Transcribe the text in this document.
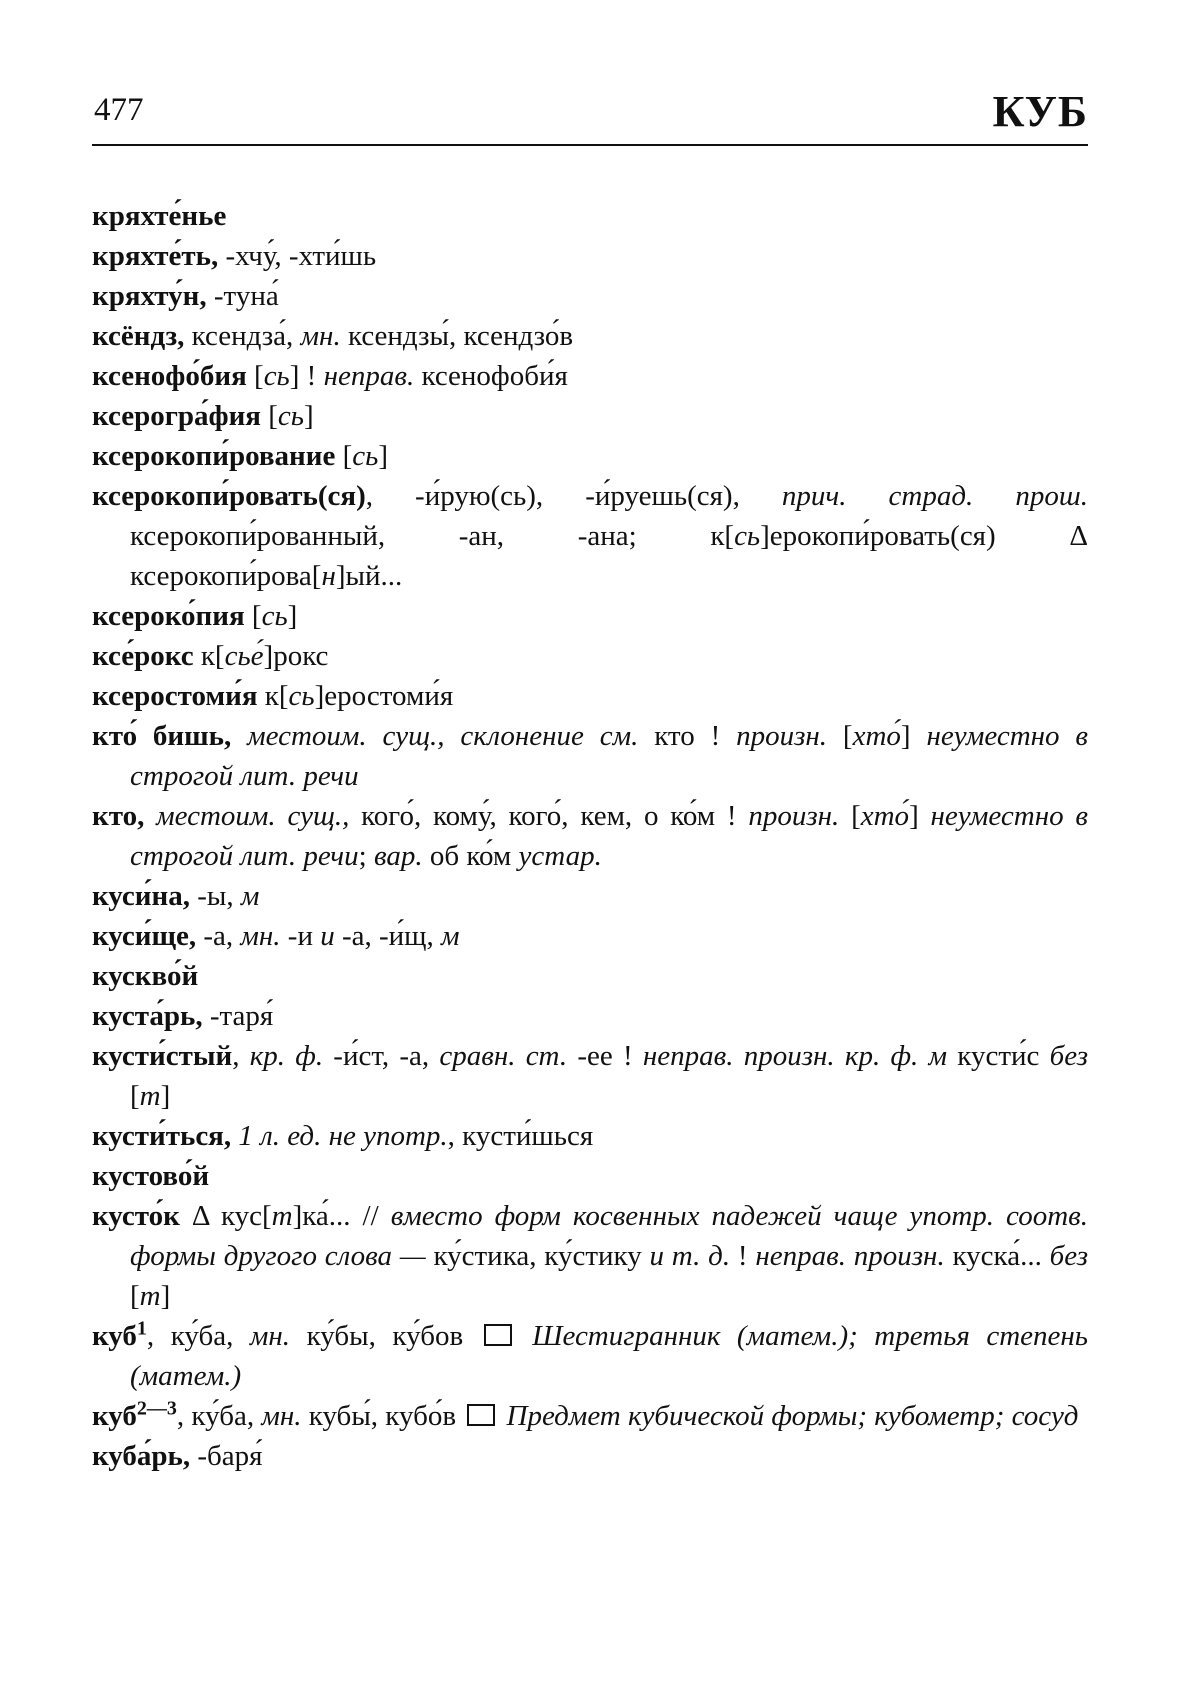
477	КУБ
кряхте́нье
кряхте́ть, -хчу́, -хти́шь
кряхту́н, -туна́
ксёндз, ксендза́, мн. ксендзы́, ксендзо́в
ксенофо́бия [сь] ! неправ. ксенофоби́я
ксерогра́фия [сь]
ксерокопи́рование [сь]
ксерокопи́ровать(ся), -и́рую(сь), -и́руешь(ся), прич. страд. прош. ксерокопи́рованный, -ан, -ана; к[сь]ерокопи́ровать(ся) Δ ксерокопи́рова[н]ый...
ксероко́пия [сь]
ксе́рокс к[сье́]рокс
ксеростоми́я к[сь]еростоми́я
кто́ бишь, местоим. сущ., склонение см. кто ! произн. [хто́] неуместно в строгой лит. речи
кто, местоим. сущ., кого́, кому́, кого́, кем, о ко́м ! произн. [хто́] неуместно в строгой лит. речи; вар. об ко́м устар.
куси́на, -ы, м
куси́ще, -а, мн. -и и -а, -и́щ, м
кускво́й
куста́рь, -таря́
кусти́стый, кр. ф. -и́ст, -а, сравн. ст. -ее ! неправ. произн. кр. ф. м кусти́с без [т]
кусти́ться, 1 л. ед. не употр., кусти́шься
кустово́й
кусто́к Δ кус[т]ка́... // вместо форм косвенных падежей чаще употр. соотв. формы другого слова — ку́стика, ку́стику и т. д. ! неправ. произн. куска́... без [т]
куб$^1$, ку́ба, мн. ку́бы, ку́бов  Шестигранник (матем.); третья степень (матем.)
куб$^{2—3}$, ку́ба, мн. кубы́, кубо́в  Предмет кубической формы; кубометр; сосуд
куба́рь, -баря́
